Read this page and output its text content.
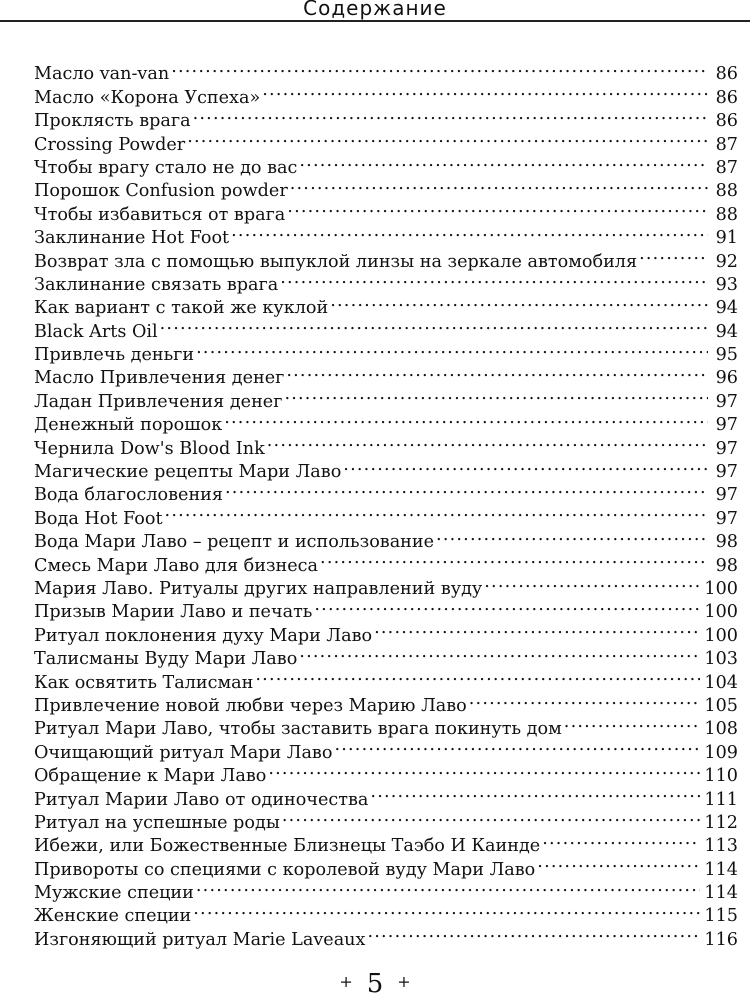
Содержание
Масло van-van . . .	86
Масло «Корона Успеха» . . .	86
Проклясть врага . . .	86
Crossing Powder . . .	87
Чтобы врагу стало не до вас . . .	87
Порошок Confusion powder . . .	88
Чтобы избавиться от врага . . .	88
Заклинание Hot Foot . . .	91
Возврат зла с помощью выпуклой линзы на зеркале автомобиля . . .	92
Заклинание связать врага . . .	93
Как вариант с такой же куклой . . .	94
Black Arts Oil . . .	94
Привлечь деньги . . .	95
Масло Привлечения денег . . .	96
Ладан Привлечения денег . . .	97
Денежный порошок . . .	97
Чернила Dow's Blood Ink . . .	97
Магические рецепты Мари Лаво . . .	97
Вода благословения . . .	97
Вода Hot Foot . . .	97
Вода Мари Лаво – рецепт и использование . . .	98
Смесь Мари Лаво для бизнеса . . .	98
Мария Лаво. Ритуалы других направлений вуду . . .	100
Призыв Марии Лаво и печать . . .	100
Ритуал поклонения духу Мари Лаво . . .	100
Талисманы Вуду Мари Лаво . . .	103
Как освятить Талисман . . .	104
Привлечение новой любви через Марию Лаво . . .	105
Ритуал Мари Лаво, чтобы заставить врага покинуть дом . . .	108
Очищающий ритуал Мари Лаво . . .	109
Обращение к Мари Лаво . . .	110
Ритуал Марии Лаво от одиночества . . .	111
Ритуал на успешные роды . . .	112
Ибежи, или Божественные Близнецы Таэбо И Каинде . . .	113
Привороты со специями с королевой вуду Мари Лаво . . .	114
Мужские специи . . .	114
Женские специи . . .	115
Изгоняющий ритуал Marie Laveaux . . .	116
+ 5 +
